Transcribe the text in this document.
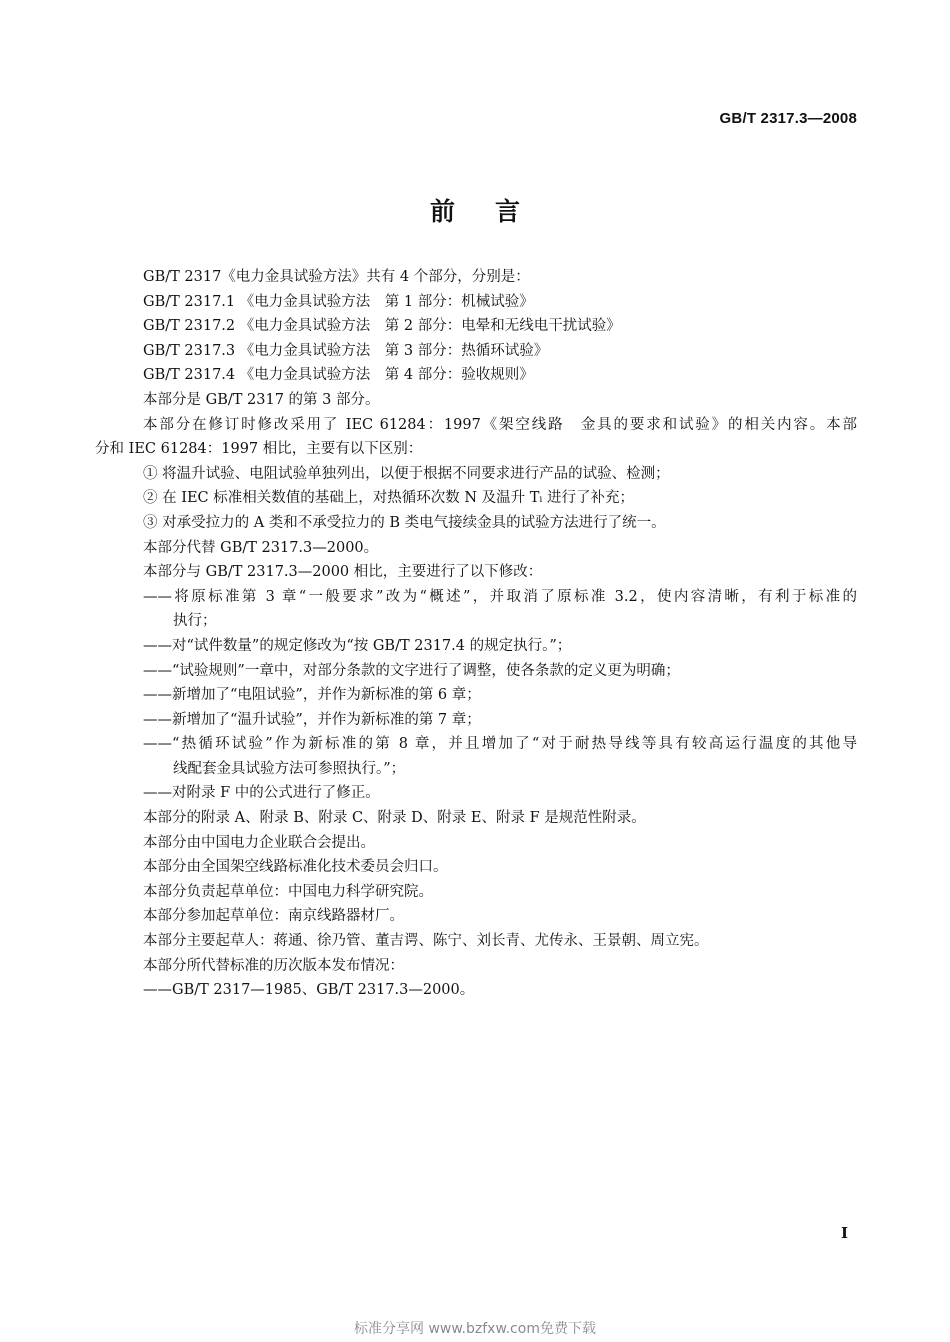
GB/T 2317.3—2008
前言
GB/T 2317《电力金具试验方法》共有 4 个部分，分别是：
GB/T 2317.1 《电力金具试验方法　第 1 部分：机械试验》
GB/T 2317.2 《电力金具试验方法　第 2 部分：电晕和无线电干扰试验》
GB/T 2317.3 《电力金具试验方法　第 3 部分：热循环试验》
GB/T 2317.4 《电力金具试验方法　第 4 部分：验收规则》
本部分是 GB/T 2317 的第 3 部分。
本部分在修订时修改采用了 IEC 61284：1997《架空线路　金具的要求和试验》的相关内容。本部
分和 IEC 61284：1997 相比，主要有以下区别：
① 将温升试验、电阻试验单独列出，以便于根据不同要求进行产品的试验、检测；
② 在 IEC 标准相关数值的基础上，对热循环次数 N 及温升 Tᵢ 进行了补充；
③ 对承受拉力的 A 类和不承受拉力的 B 类电气接续金具的试验方法进行了统一。
本部分代替 GB/T 2317.3—2000。
本部分与 GB/T 2317.3—2000 相比，主要进行了以下修改：
——将原标准第 3 章“一般要求”改为“概述”，并取消了原标准 3.2，使内容清晰，有利于标准的
执行；
——对“试件数量”的规定修改为“按 GB/T 2317.4 的规定执行。”；
——“试验规则”一章中，对部分条款的文字进行了调整，使各条款的定义更为明确；
——新增加了“电阻试验”，并作为新标准的第 6 章；
——新增加了“温升试验”，并作为新标准的第 7 章；
——“热循环试验”作为新标准的第 8 章，并且增加了“对于耐热导线等具有较高运行温度的其他导
线配套金具试验方法可参照执行。”；
——对附录 F 中的公式进行了修正。
本部分的附录 A、附录 B、附录 C、附录 D、附录 E、附录 F 是规范性附录。
本部分由中国电力企业联合会提出。
本部分由全国架空线路标准化技术委员会归口。
本部分负责起草单位：中国电力科学研究院。
本部分参加起草单位：南京线路器材厂。
本部分主要起草人：蒋通、徐乃管、董吉谔、陈宁、刘长青、尤传永、王景朝、周立宪。
本部分所代替标准的历次版本发布情况：
——GB/T 2317—1985、GB/T 2317.3—2000。
I
标准分享网 www.bzfxw.com免费下载
